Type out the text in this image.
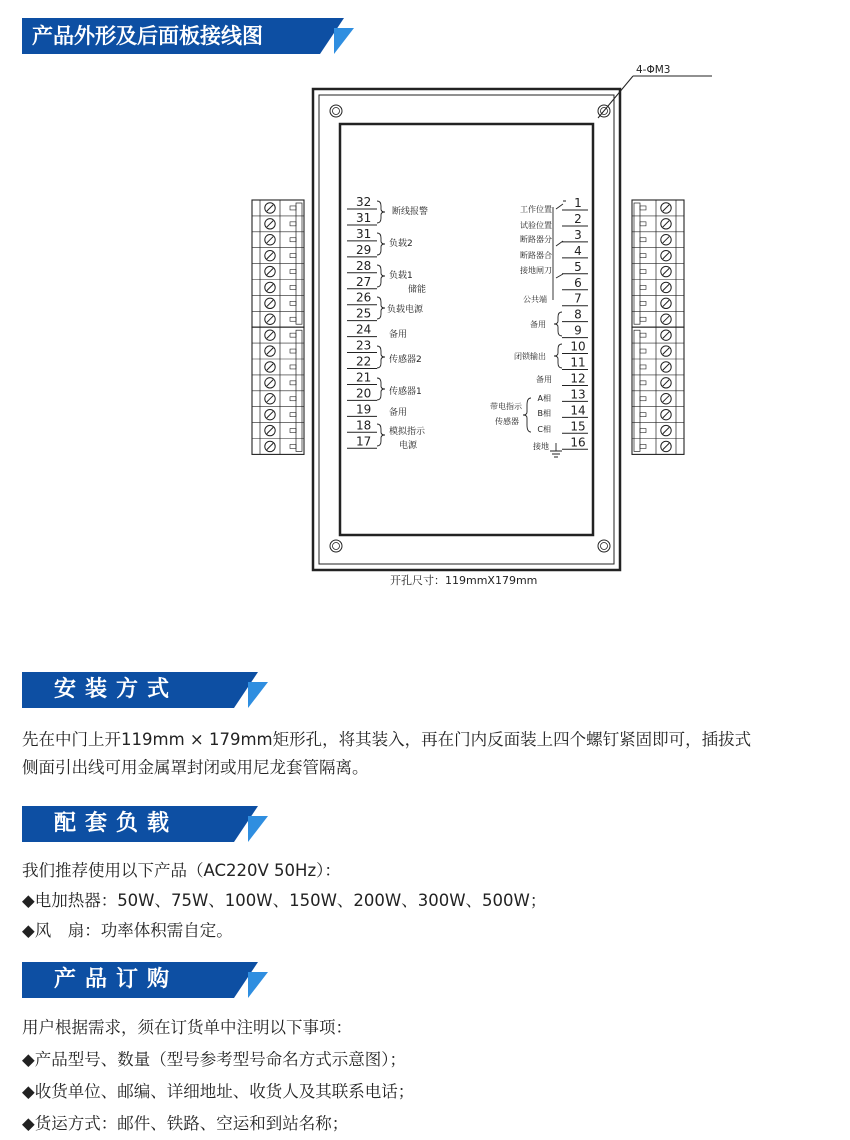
产品外形及后面板接线图
4-ΦM3
开孔尺寸：119mmX179mm
32
31
31
29
28
27
26
25
24
23
22
21
20
19
18
17
1
2
3
4
5
6
7
8
9
10
11
12
13
14
15
16
断线报警
负载2
负载1
储能
负载电源
备用
传感器2
传感器1
备用
模拟指示
电源
工作位置
试验位置
断路器分
断路器合
接地闸刀
公共端
备用
闭锁输出
备用
带电指示
传感器
A相
B相
C相
接地
安装方式
先在中门上开119mm × 179mm矩形孔，将其装入，再在门内反面装上四个螺钉紧固即可，插拔式
侧面引出线可用金属罩封闭或用尼龙套管隔离。
配套负载
我们推荐使用以下产品（AC220V 50Hz）：
◆电加热器：50W、75W、100W、150W、200W、300W、500W；
◆风　扇：功率体积需自定。
产品订购
用户根据需求，须在订货单中注明以下事项：
◆产品型号、数量（型号参考型号命名方式示意图）；
◆收货单位、邮编、详细地址、收货人及其联系电话；
◆货运方式：邮件、铁路、空运和到站名称；
